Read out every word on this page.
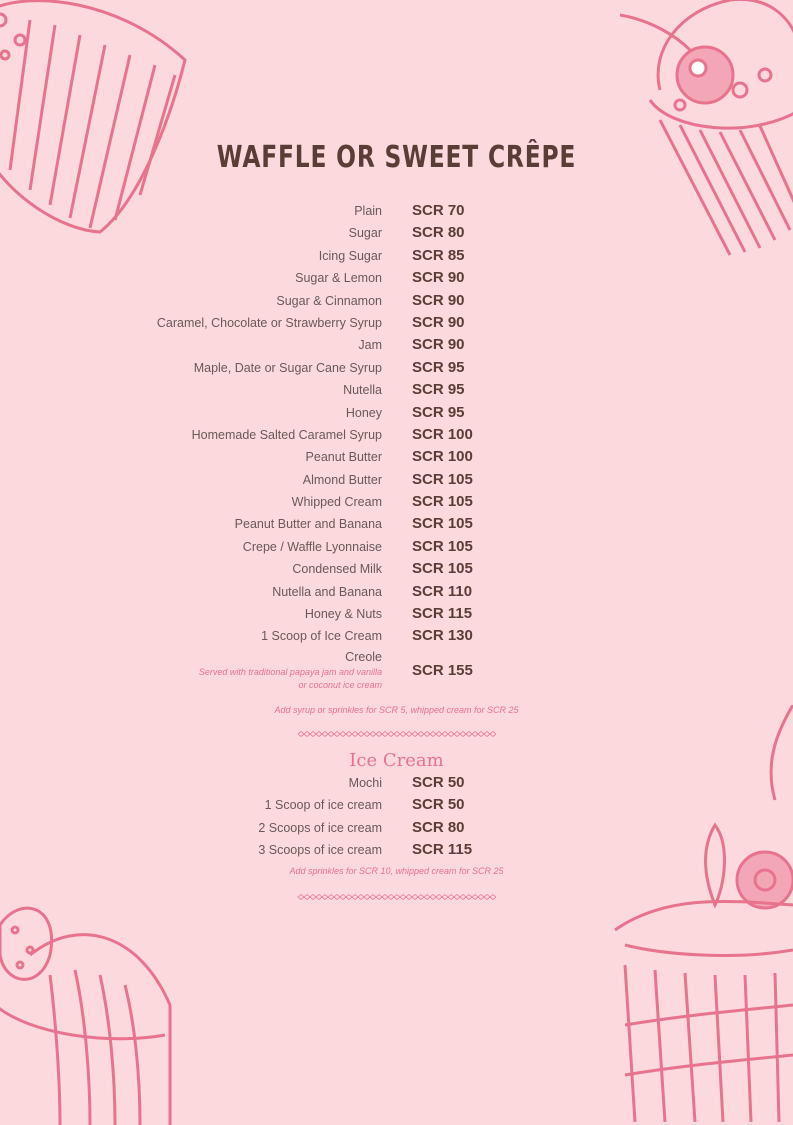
WAFFLE OR SWEET CRÊPE
Plain SCR 70
Sugar SCR 80
Icing Sugar SCR 85
Sugar & Lemon SCR 90
Sugar & Cinnamon SCR 90
Caramel, Chocolate or Strawberry Syrup SCR 90
Jam SCR 90
Maple, Date or Sugar Cane Syrup SCR 95
Nutella SCR 95
Honey SCR 95
Homemade Salted Caramel Syrup SCR 100
Peanut Butter SCR 100
Almond Butter SCR 105
Whipped Cream SCR 105
Peanut Butter and Banana SCR 105
Crepe / Waffle Lyonnaise SCR 105
Condensed Milk SCR 105
Nutella and Banana SCR 110
Honey & Nuts SCR 115
1 Scoop of Ice Cream SCR 130
Creole
Served with traditional papaya jam and vanilla
or coconut ice cream
SCR 155
Add syrup or sprinkles for SCR 5, whipped cream for SCR 25
Ice Cream
Mochi SCR 50
1 Scoop of ice cream SCR 50
2 Scoops of ice cream SCR 80
3 Scoops of ice cream SCR 115
Add sprinkles for SCR 10, whipped cream for SCR 25
